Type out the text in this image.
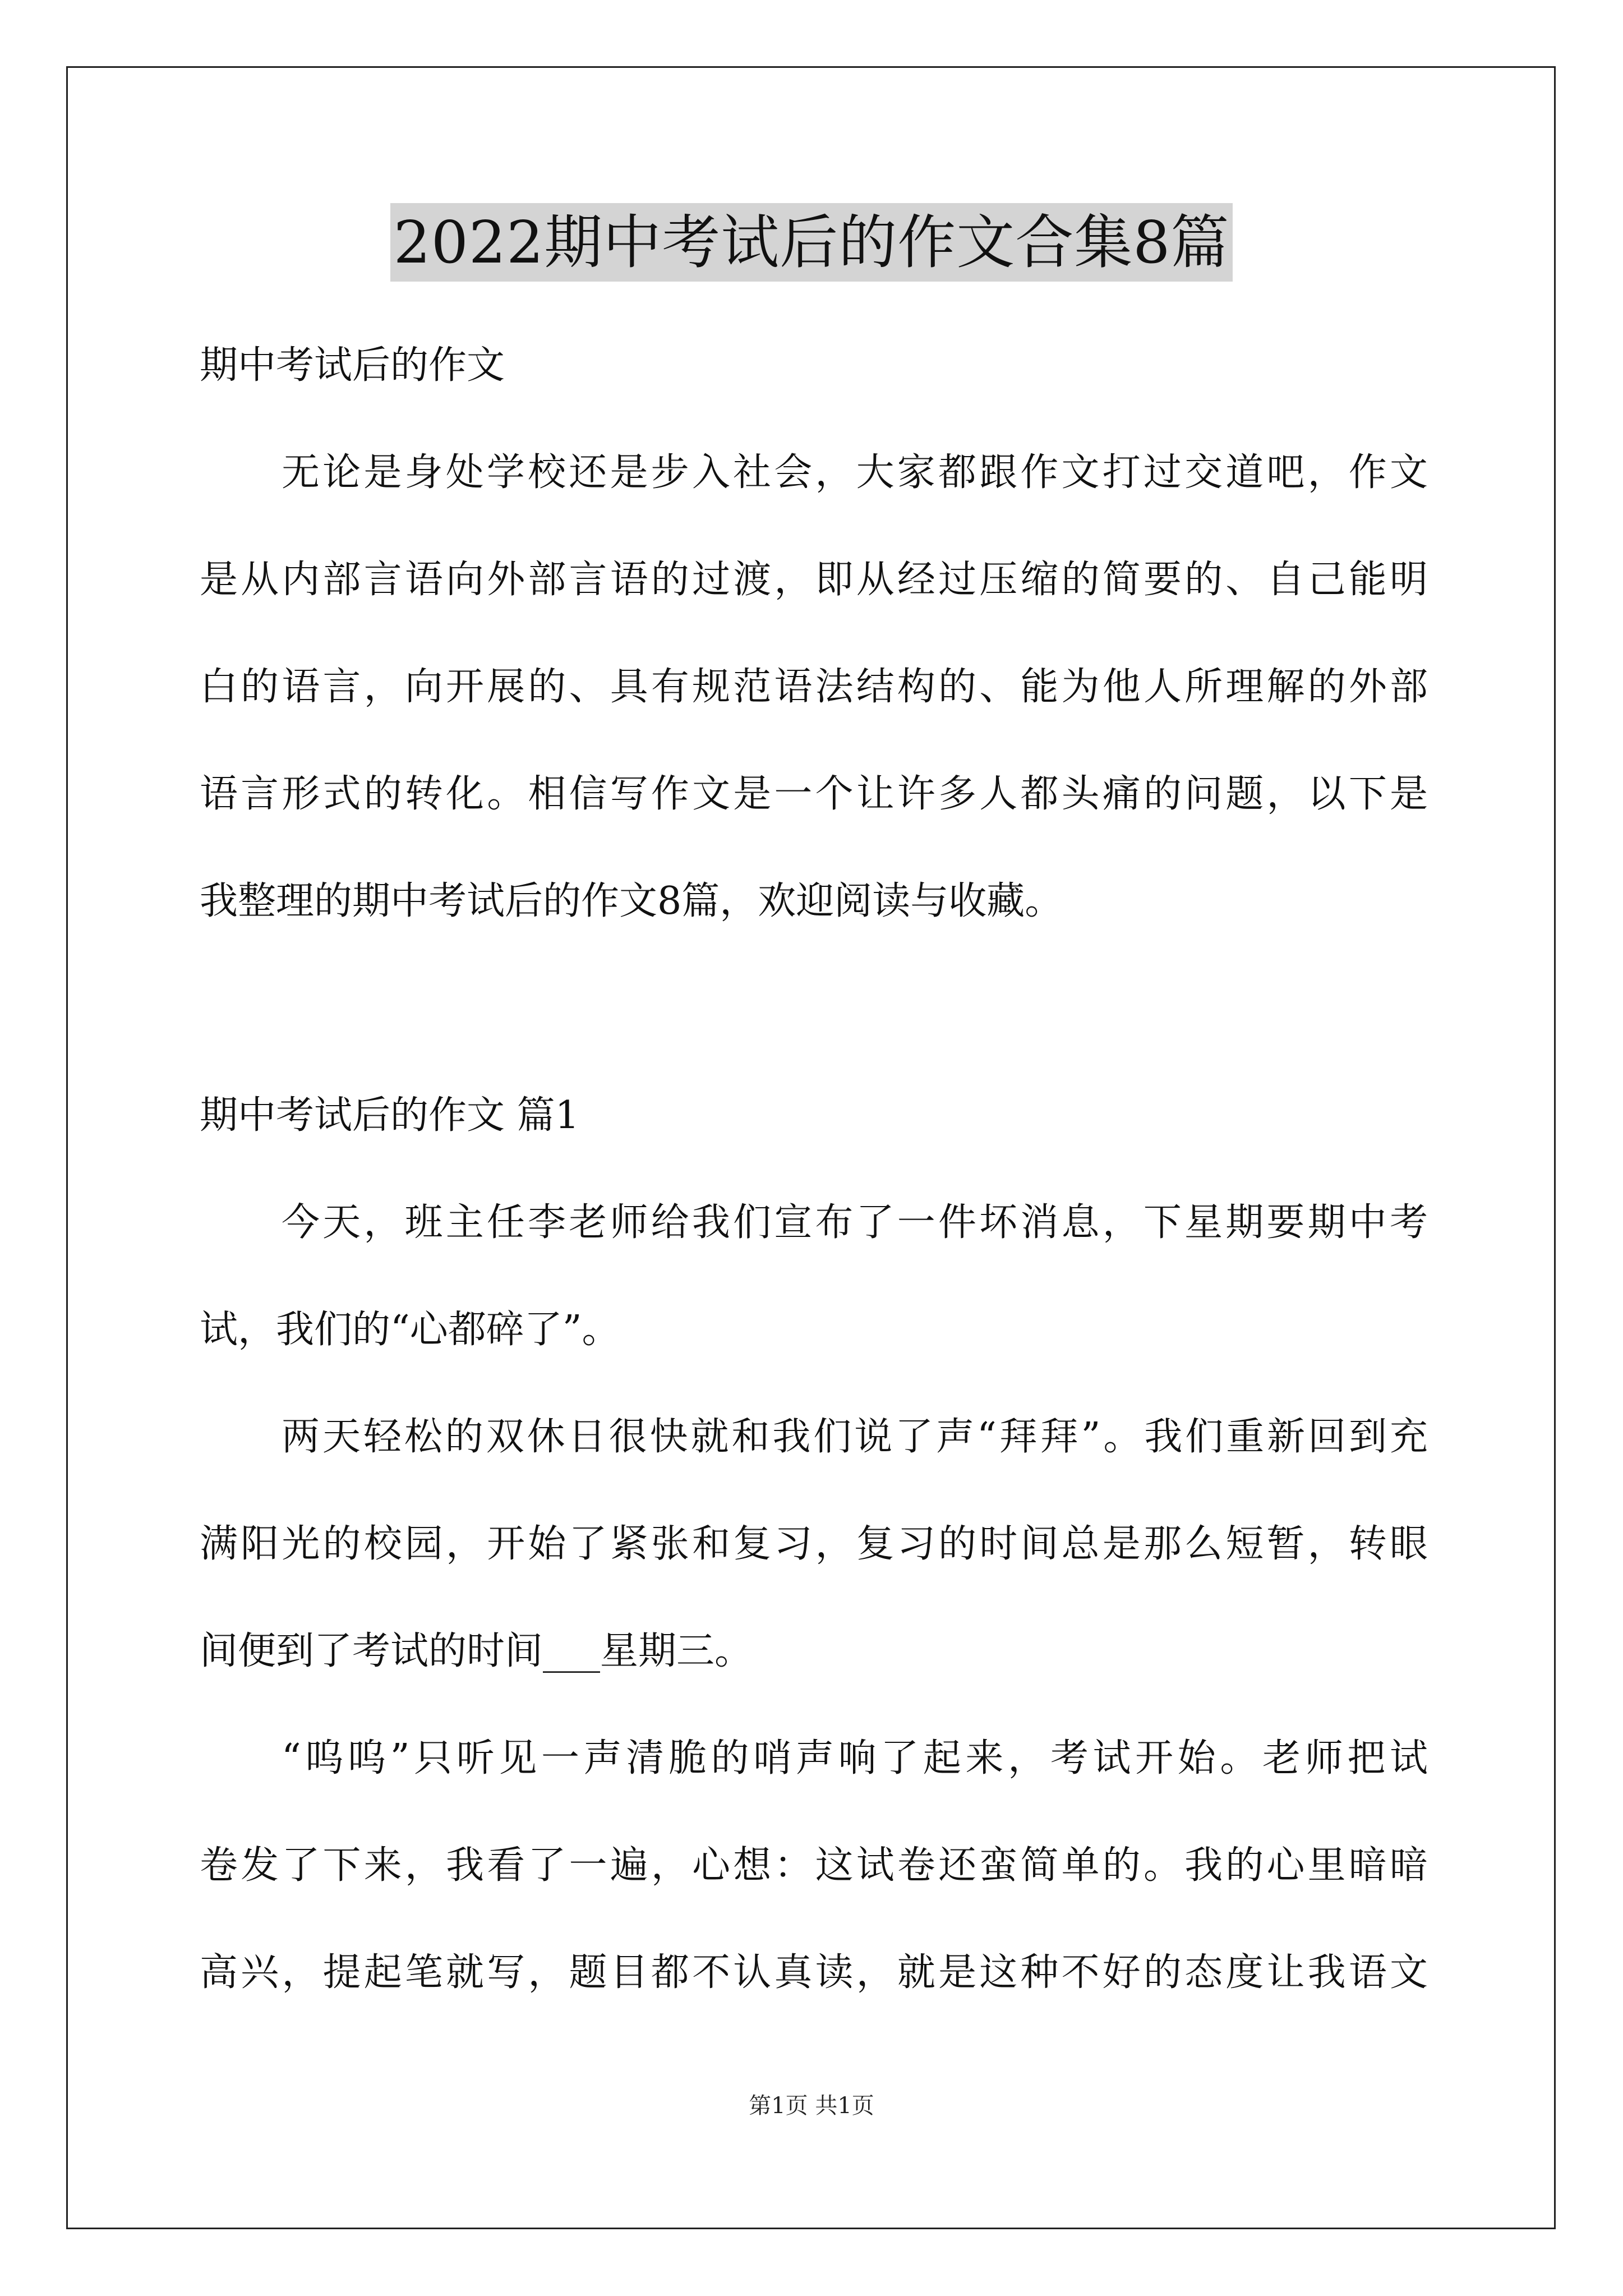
2022期中考试后的作文合集8篇
期中考试后的作文
无论是身处学校还是步入社会，大家都跟作文打过交道吧，作文
是从内部言语向外部言语的过渡，即从经过压缩的简要的、自己能明
白的语言，向开展的、具有规范语法结构的、能为他人所理解的外部
语言形式的转化。相信写作文是一个让许多人都头痛的问题，以下是
我整理的期中考试后的作文8篇，欢迎阅读与收藏。
期中考试后的作文 篇1
今天，班主任李老师给我们宣布了一件坏消息，下星期要期中考
试，我们的“心都碎了”。
两天轻松的双休日很快就和我们说了声“拜拜”。我们重新回到充
满阳光的校园，开始了紧张和复习，复习的时间总是那么短暂，转眼
间便到了考试的时间___星期三。
“呜呜”只听见一声清脆的哨声响了起来，考试开始。老师把试
卷发了下来，我看了一遍，心想：这试卷还蛮简单的。我的心里暗暗
高兴，提起笔就写，题目都不认真读，就是这种不好的态度让我语文
第1页 共1页
